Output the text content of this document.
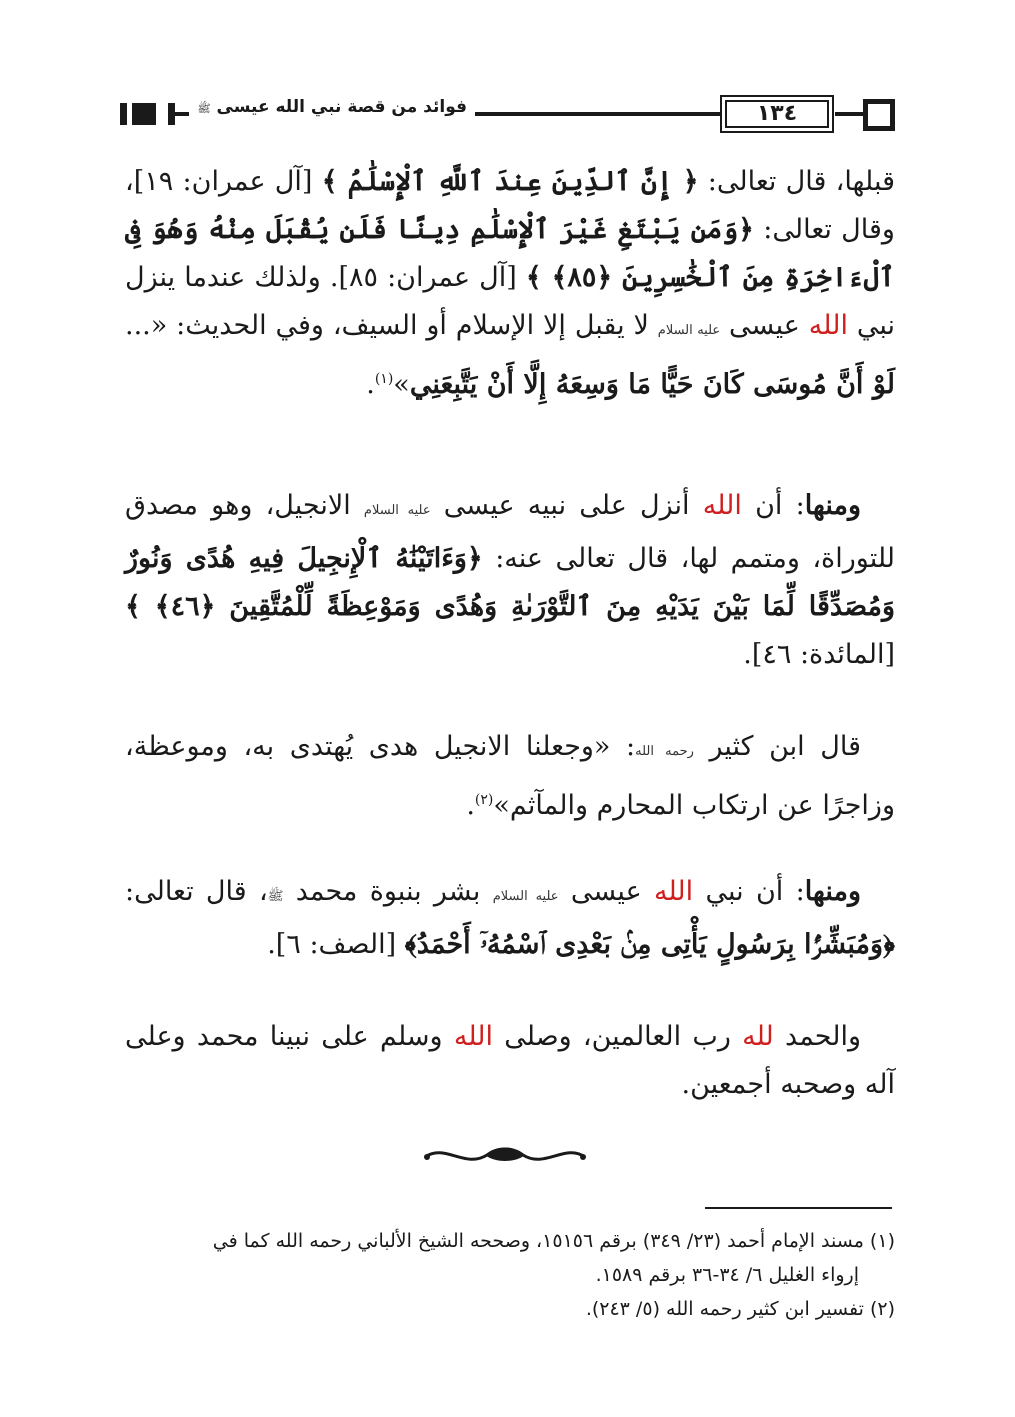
فوائد من قصة نبي الله عيسى ﷺ	١٣٤
قبلها، قال تعالى: ﴿ إِنَّ ٱلدِّينَ عِندَ ٱللَّهِ ٱلْإِسْلَٰمُ ﴾ [آل عمران: ١٩]، وقال تعالى: ﴿وَمَن يَبْتَغِ غَيْرَ ٱلْإِسْلَٰمِ دِينًا فَلَن يُقْبَلَ مِنْهُ وَهُوَ فِى ٱلْءَاخِرَةِ مِنَ ٱلْخَٰسِرِينَ ﴿٨٥﴾ ﴾ [آل عمران: ٨٥]. ولذلك عندما ينزل نبي الله عيسى عليه السلام لا يقبل إلا الإسلام أو السيف، وفي الحديث: «... لَوْ أَنَّ مُوسَى كَانَ حَيًّا مَا وَسِعَهُ إِلَّا أَنْ يَتَّبِعَنِي»$^{(١)}$.
ومنها: أن الله أنزل على نبيه عيسى عليه السلام الانجيل، وهو مصدق للتوراة، ومتمم لها، قال تعالى عنه: ﴿وَءَاتَيْنَٰهُ ٱلْإِنجِيلَ فِيهِ هُدًى وَنُورٌ وَمُصَدِّقًا لِّمَا بَيْنَ يَدَيْهِ مِنَ ٱلتَّوْرَىٰةِ وَهُدًى وَمَوْعِظَةً لِّلْمُتَّقِينَ ﴿٤٦﴾ ﴾ [المائدة: ٤٦].
قال ابن كثير رحمه الله: «وجعلنا الانجيل هدى يُهتدى به، وموعظة، وزاجرًا عن ارتكاب المحارم والمآثم»$^{(٢)}$.
ومنها: أن نبي الله عيسى عليه السلام بشر بنبوة محمد ﷺ، قال تعالى: ﴿وَمُبَشِّرًۢا بِرَسُولٍ يَأْتِى مِنۢ بَعْدِى ٱسْمُهُۥٓ أَحْمَدُ﴾ [الصف: ٦].
والحمد لله رب العالمين، وصلى الله وسلم على نبينا محمد وعلى آله وصحبه أجمعين.
(١) مسند الإمام أحمد (٢٣/ ٣٤٩) برقم ١٥١٥٦، وصححه الشيخ الألباني رحمه الله كما في
إرواء الغليل ٦/ ٣٤-٣٦ برقم ١٥٨٩.
(٢) تفسير ابن كثير رحمه الله (٥/ ٢٤٣).
